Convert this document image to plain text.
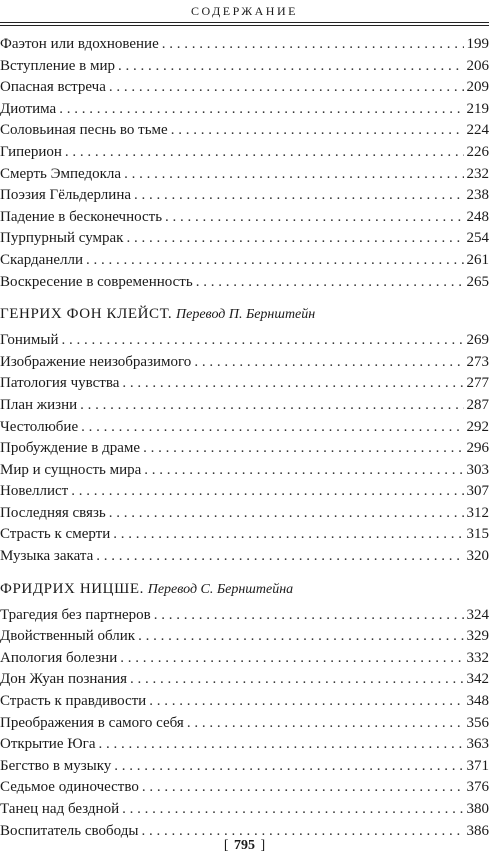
СОДЕРЖАНИЕ
Фаэтон или вдохновение . . .	199
Вступление в мир . . .	206
Опасная встреча . . .	209
Диотима . . .	219
Соловьиная песнь во тьме . . .	224
Гиперион . . .	226
Смерть Эмпедокла . . .	232
Поэзия Гёльдерлина . . .	238
Падение в бесконечность . . .	248
Пурпурный сумрак . . .	254
Скарданелли . . .	261
Воскресение в современность . . .	265
ГЕНРИХ ФОН КЛЕЙСТ. Перевод П. Бернштейн
Гонимый . . .	269
Изображение неизобразимого . . .	273
Патология чувства . . .	277
План жизни . . .	287
Честолюбие . . .	292
Пробуждение в драме . . .	296
Мир и сущность мира . . .	303
Новеллист . . .	307
Последняя связь . . .	312
Страсть к смерти . . .	315
Музыка заката . . .	320
ФРИДРИХ НИЦШЕ. Перевод С. Бернштейна
Трагедия без партнеров . . .	324
Двойственный облик . . .	329
Апология болезни . . .	332
Дон Жуан познания . . .	342
Страсть к правдивости . . .	348
Преображения в самого себя . . .	356
Открытие Юга . . .	363
Бегство в музыку . . .	371
Седьмое одиночество . . .	376
Танец над бездной . . .	380
Воспитатель свободы . . .	386
[ 795 ]
